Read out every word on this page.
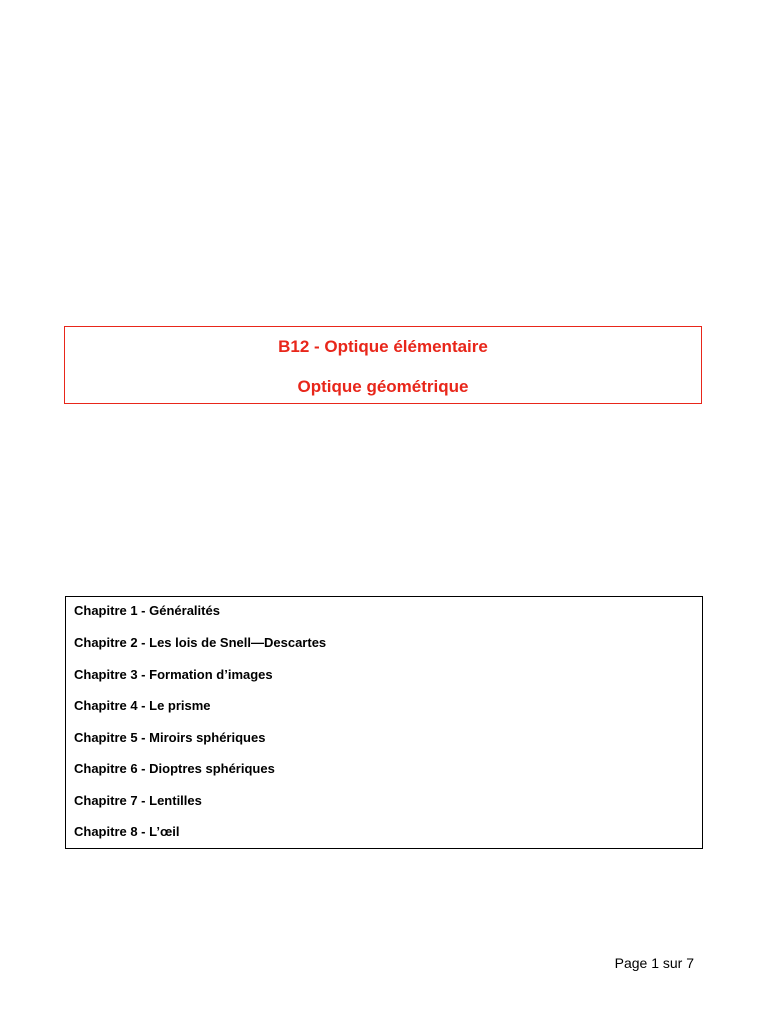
B12 - Optique élémentaire
Optique géométrique
Chapitre 1 - Généralités
Chapitre 2 - Les lois de Snell—Descartes
Chapitre 3 - Formation d’images
Chapitre 4 - Le prisme
Chapitre 5 - Miroirs sphériques
Chapitre 6 - Dioptres sphériques
Chapitre 7 - Lentilles
Chapitre 8 - L’œil
Page 1 sur 7
